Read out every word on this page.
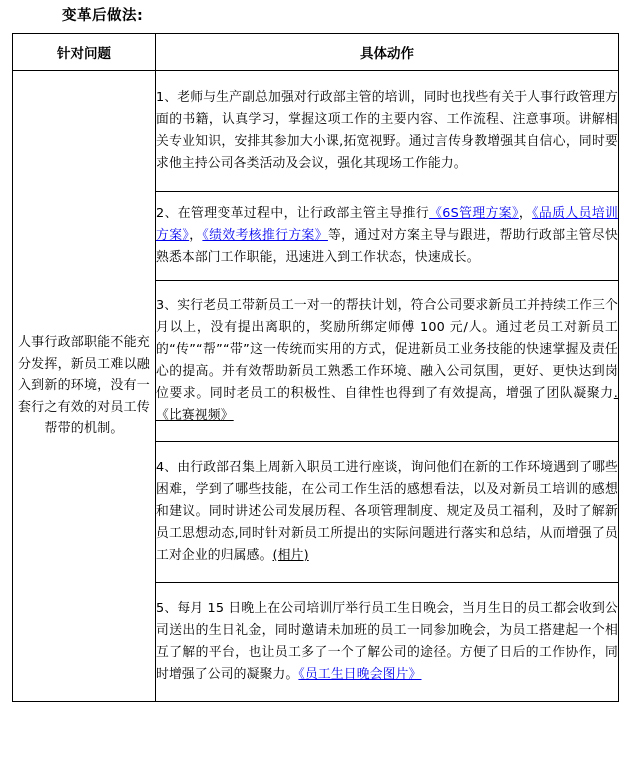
变革后做法:
针对问题	具体动作
人事行政部职能不能充分发挥，新员工难以融入到新的环境，没有一套行之有效的对员工传帮带的机制。	1、老师与生产副总加强对行政部主管的培训，同时也找些有关于人事行政管理方面的书籍，认真学习，掌握这项工作的主要内容、工作流程、注意事项。讲解相关专业知识，安排其参加大小课,拓宽视野。通过言传身教增强其自信心，同时要求他主持公司各类活动及会议，强化其现场工作能力。
	2、在管理变革过程中，让行政部主管主导推行《6S管理方案》，《品质人员培训方案》，《绩效考核推行方案》等，通过对方案主导与跟进，帮助行政部主管尽快熟悉本部门工作职能，迅速进入到工作状态，快速成长。
	3、实行老员工带新员工一对一的帮扶计划，符合公司要求新员工并持续工作三个月以上，没有提出离职的，奖励所绑定师傅 100 元/人。通过老员工对新员工的“传”“帮”“带”这一传统而实用的方式，促进新员工业务技能的快速掌握及责任心的提高。并有效帮助新员工熟悉工作环境、融入公司氛围，更好、更快达到岗位要求。同时老员工的积极性、自律性也得到了有效提高，增强了团队凝聚力.《比赛视频》
	4、由行政部召集上周新入职员工进行座谈，询问他们在新的工作环境遇到了哪些困难，学到了哪些技能，在公司工作生活的感想看法，以及对新员工培训的感想和建议。同时讲述公司发展历程、各项管理制度、规定及员工福利，及时了解新员工思想动态,同时针对新员工所提出的实际问题进行落实和总结，从而增强了员工对企业的归属感。(相片)
	5、每月 15 日晚上在公司培训厅举行员工生日晚会，当月生日的员工都会收到公司送出的生日礼金，同时邀请未加班的员工一同参加晚会，为员工搭建起一个相互了解的平台，也让员工多了一个了解公司的途径。方便了日后的工作协作，同时增强了公司的凝聚力。《员工生日晚会图片》
